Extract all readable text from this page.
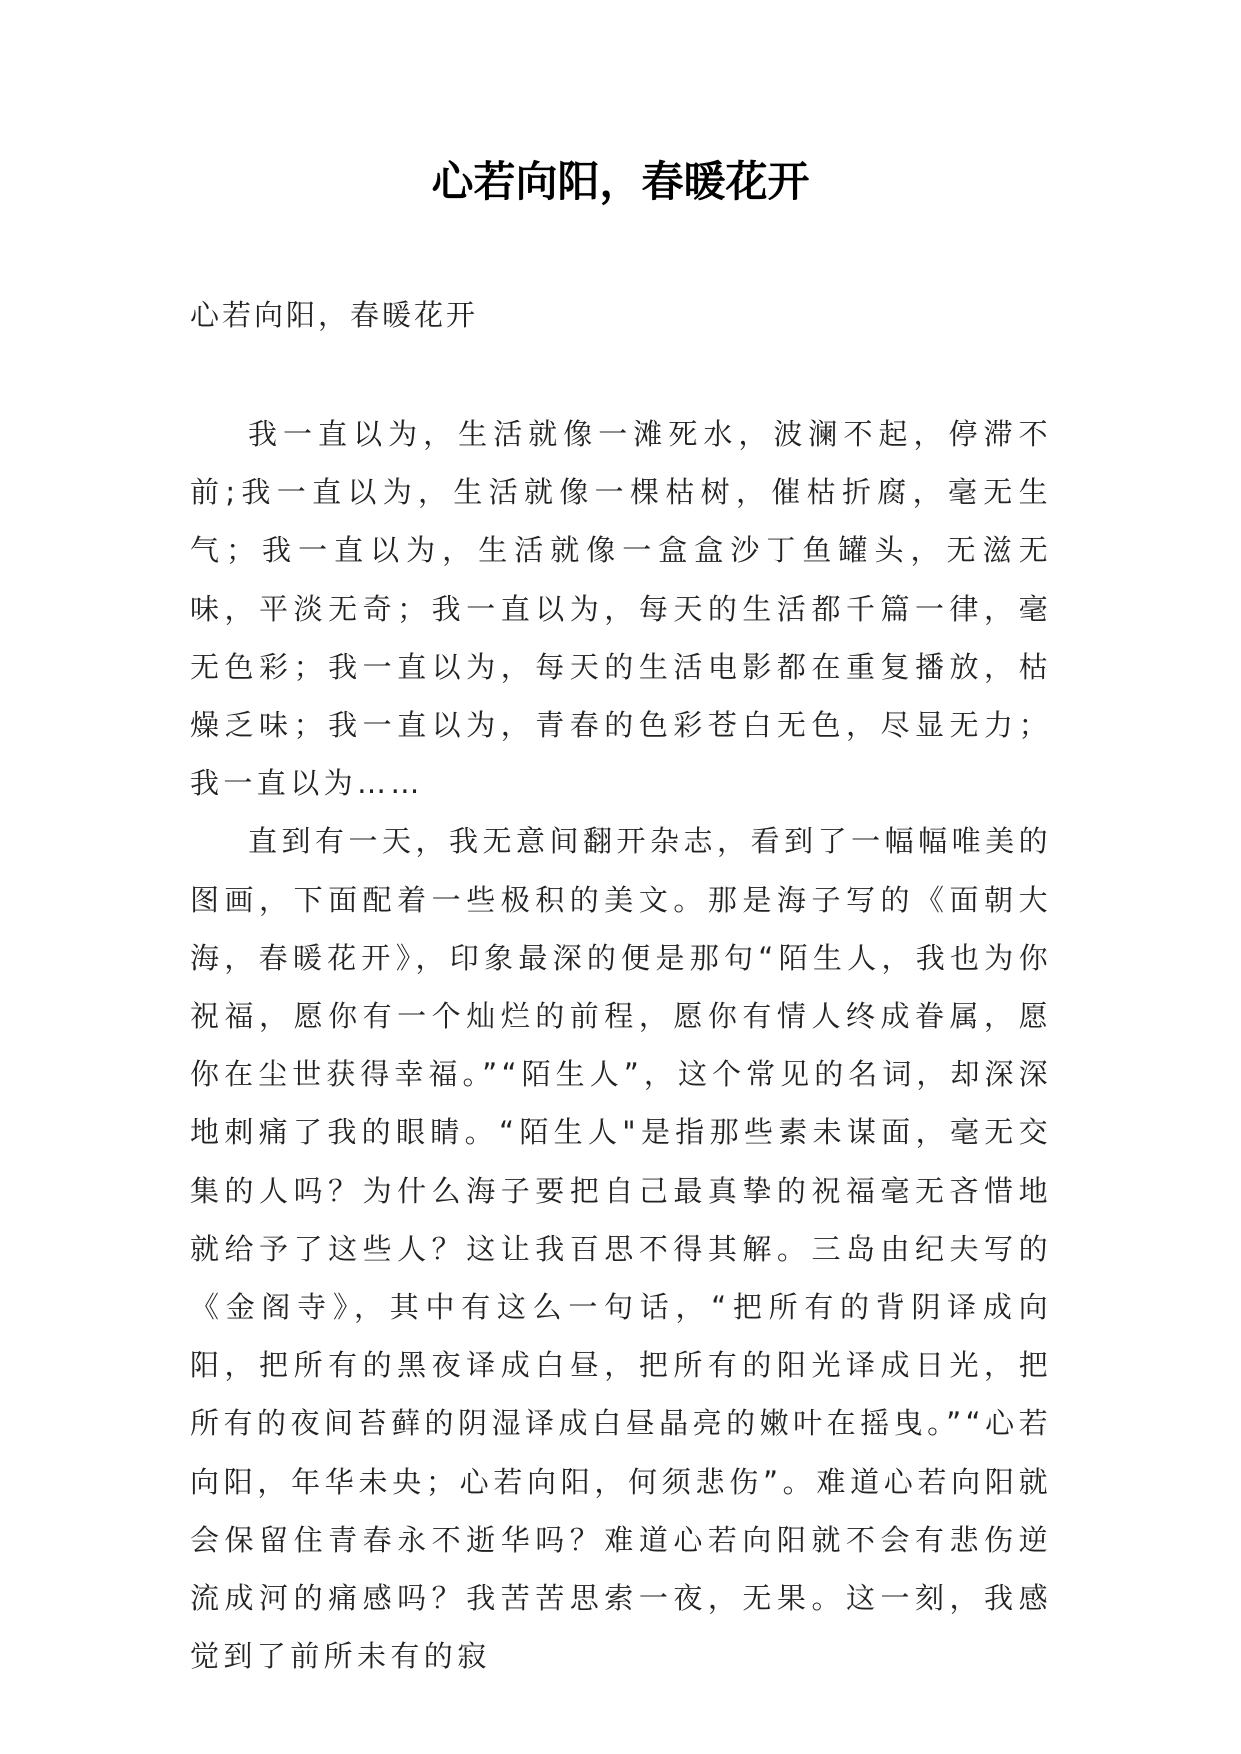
心若向阳，春暖花开

心若向阳，春暖花开

我一直以为，生活就像一滩死水，波澜不起，停滞不前;我一直以为，生活就像一棵枯树，催枯折腐，毫无生气；我一直以为，生活就像一盒盒沙丁鱼罐头，无滋无味，平淡无奇；我一直以为，每天的生活都千篇一律，毫无色彩；我一直以为，每天的生活电影都在重复播放，枯燥乏味；我一直以为，青春的色彩苍白无色，尽显无力；我一直以为……

直到有一天，我无意间翻开杂志，看到了一幅幅唯美的图画，下面配着一些极积的美文。那是海子写的《面朝大海，春暖花开》，印象最深的便是那句“陌生人，我也为你祝福，愿你有一个灿烂的前程，愿你有情人终成眷属，愿你在尘世获得幸福。”“陌生人”，这个常见的名词，却深深地刺痛了我的眼睛。“陌生人"是指那些素未谋面，毫无交集的人吗？为什么海子要把自己最真挚的祝福毫无吝惜地就给予了这些人？这让我百思不得其解。三岛由纪夫写的《金阁寺》，其中有这么一句话，“把所有的背阴译成向阳，把所有的黑夜译成白昼，把所有的阳光译成日光，把所有的夜间苔藓的阴湿译成白昼晶亮的嫩叶在摇曳。”“心若向阳，年华未央；心若向阳，何须悲伤”。难道心若向阳就会保留住青春永不逝华吗？难道心若向阳就不会有悲伤逆流成河的痛感吗？我苦苦思索一夜，无果。这一刻，我感觉到了前所未有的寂
